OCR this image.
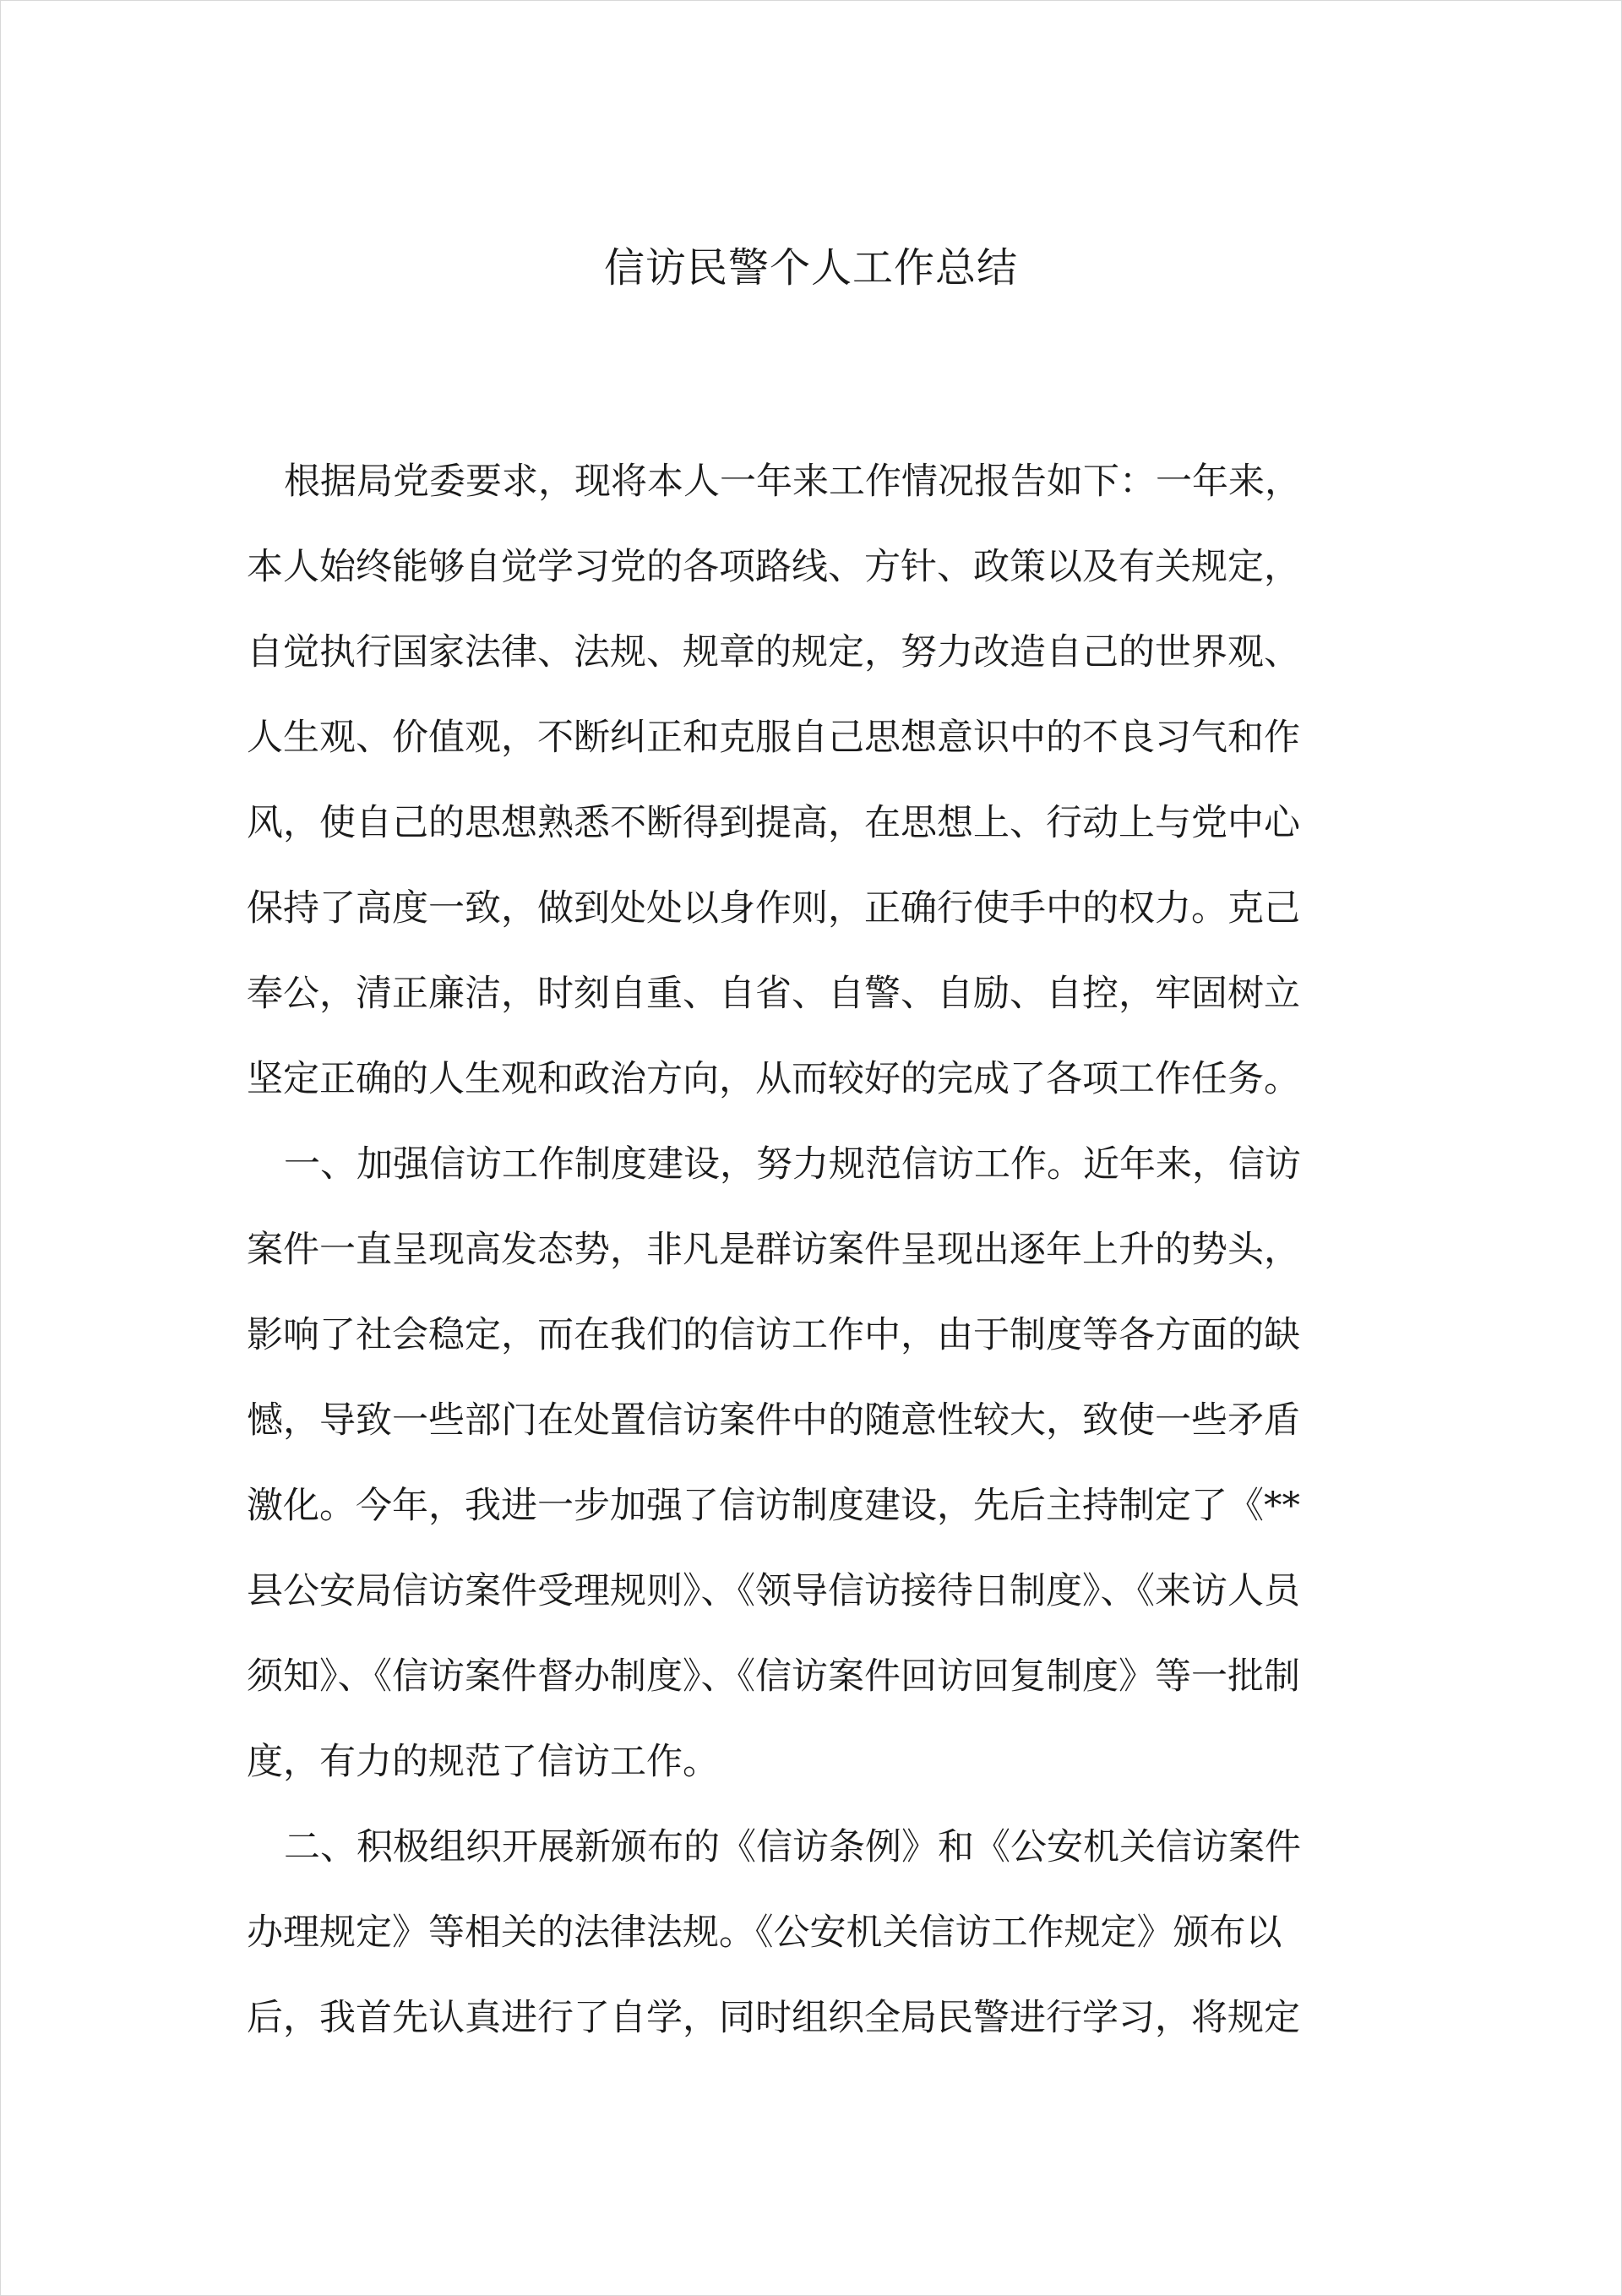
信访民警个人工作总结
根据局党委要求，现将本人一年来工作情况报告如下：一年来，
本人始终能够自觉学习党的各项路线、方针、政策以及有关规定，
自觉执行国家法律、法规、规章的规定，努力改造自己的世界观、
人生观、价值观，不断纠正和克服自己思想意识中的不良习气和作
风，使自己的思想熟悉不断得到提高，在思想上、行动上与党中心
保持了高度一致，做到处处以身作则，正确行使手中的权力。克己
奉公，清正廉洁，时刻自重、自省、自警、自励、自控，牢固树立
坚定正确的人生观和政治方向，从而较好的完成了各项工作任务。
一、加强信访工作制度建设，努力规范信访工作。近年来，信访
案件一直呈现高发态势，非凡是群访案件呈现出逐年上升的势头，
影响了社会稳定，而在我们的信访工作中，由于制度等各方面的缺
憾，导致一些部门在处置信访案件中的随意性较大，致使一些矛盾
激化。今年，我进一步加强了信访制度建设，先后主持制定了《**
县公安局信访案件受理规则》、《领导信访接待日制度》、《来访人员
须知》、《信访案件督办制度》、《信访案件回访回复制度》等一批制
度，有力的规范了信访工作。
二、积极组织开展新颁布的《信访条例》和《公安机关信访案件
办理规定》等相关的法律法规。《公安机关信访工作规定》颁布以
后，我首先认真进行了自学，同时组织全局民警进行学习，将规定
